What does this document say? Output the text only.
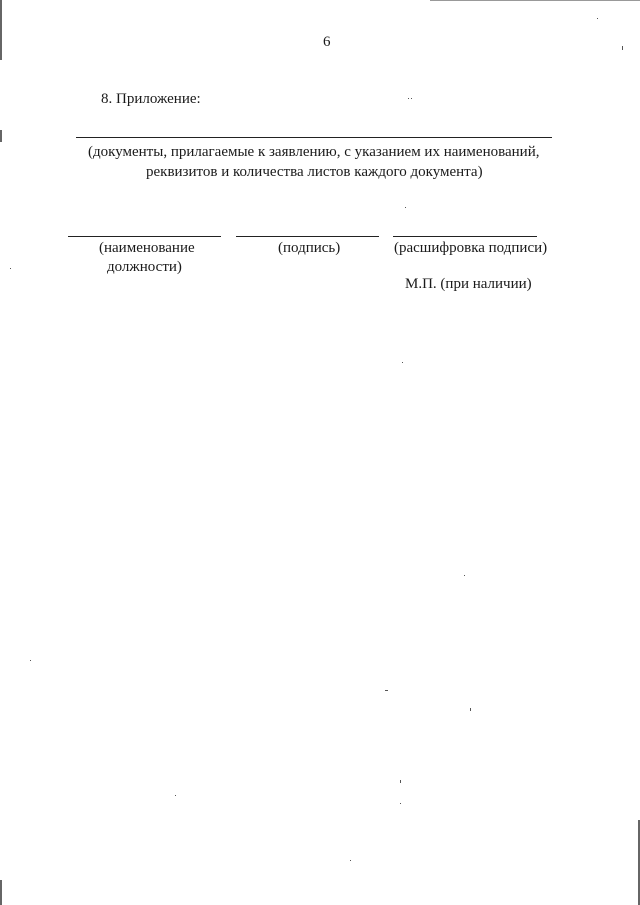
6
8. Приложение:
(документы, прилагаемые к заявлению, с указанием их наименований,
реквизитов и количества листов каждого документа)
(наименование
должности)
(подпись)	(расшифровка подписи)
М.П. (при наличии)
